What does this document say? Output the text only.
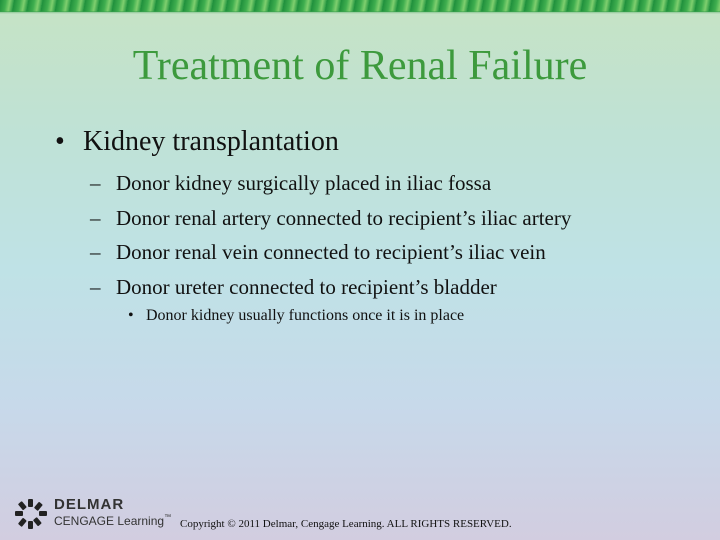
Treatment of Renal Failure
• Kidney transplantation
– Donor kidney surgically placed in iliac fossa
– Donor renal artery connected to recipient’s iliac artery
– Donor renal vein connected to recipient’s iliac vein
– Donor ureter connected to recipient’s bladder
• Donor kidney usually functions once it is in place
DELMAR
CENGAGE Learning™
Copyright © 2011 Delmar, Cengage Learning. ALL RIGHTS RESERVED.
